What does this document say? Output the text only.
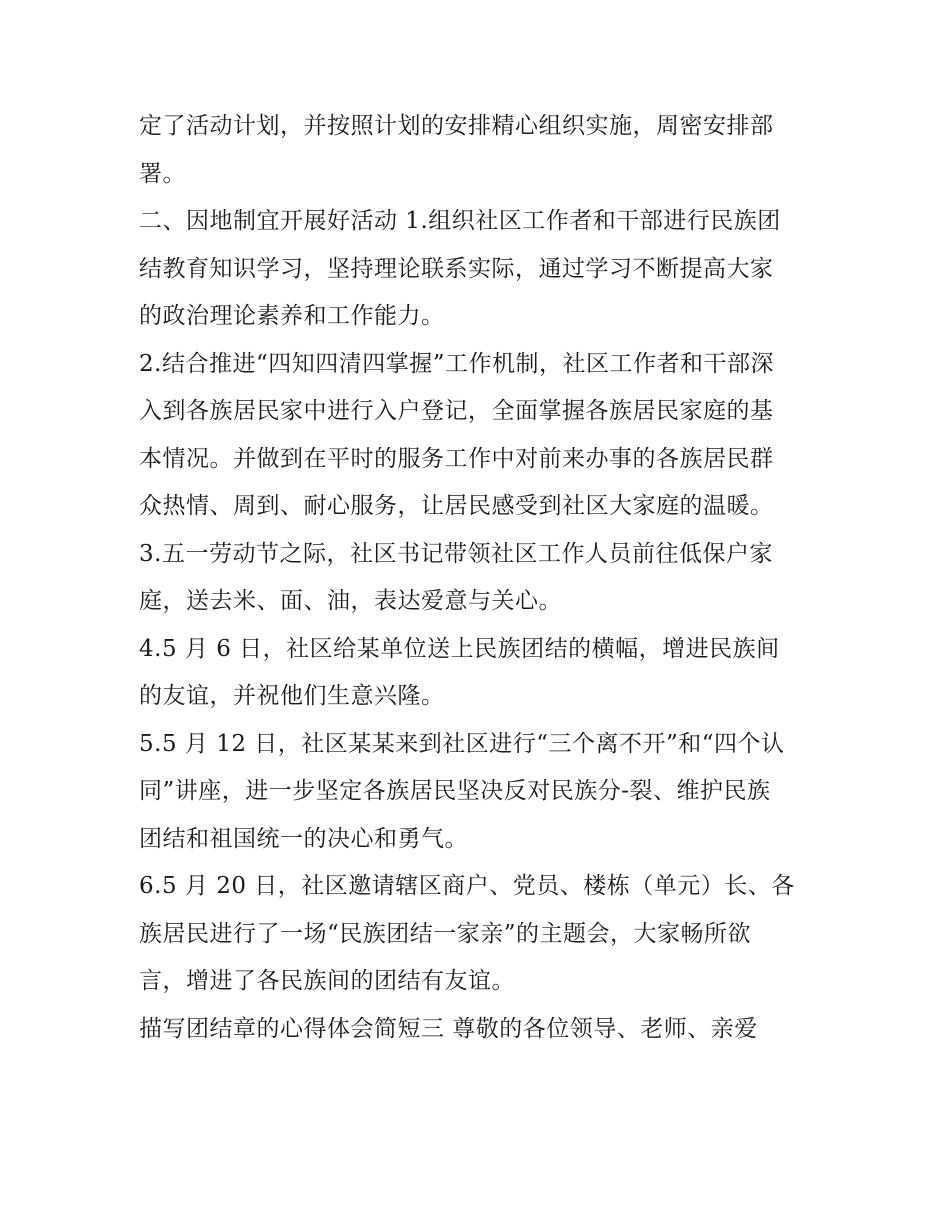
定了活动计划，并按照计划的安排精心组织实施，周密安排部
署。
二、因地制宜开展好活动 1.组织社区工作者和干部进行民族团
结教育知识学习，坚持理论联系实际，通过学习不断提高大家
的政治理论素养和工作能力。
2.结合推进“四知四清四掌握”工作机制，社区工作者和干部深
入到各族居民家中进行入户登记，全面掌握各族居民家庭的基
本情况。并做到在平时的服务工作中对前来办事的各族居民群
众热情、周到、耐心服务，让居民感受到社区大家庭的温暖。
3.五一劳动节之际，社区书记带领社区工作人员前往低保户家
庭，送去米、面、油，表达爱意与关心。
4.5 月 6 日，社区给某单位送上民族团结的横幅，增进民族间
的友谊，并祝他们生意兴隆。
5.5 月 12 日，社区某某来到社区进行“三个离不开”和“四个认
同”讲座，进一步坚定各族居民坚决反对民族分-裂、维护民族
团结和祖国统一的决心和勇气。
6.5 月 20 日，社区邀请辖区商户、党员、楼栋（单元）长、各
族居民进行了一场“民族团结一家亲”的主题会，大家畅所欲
言，增进了各民族间的团结有友谊。
描写团结章的心得体会简短三 尊敬的各位领导、老师、亲爱
